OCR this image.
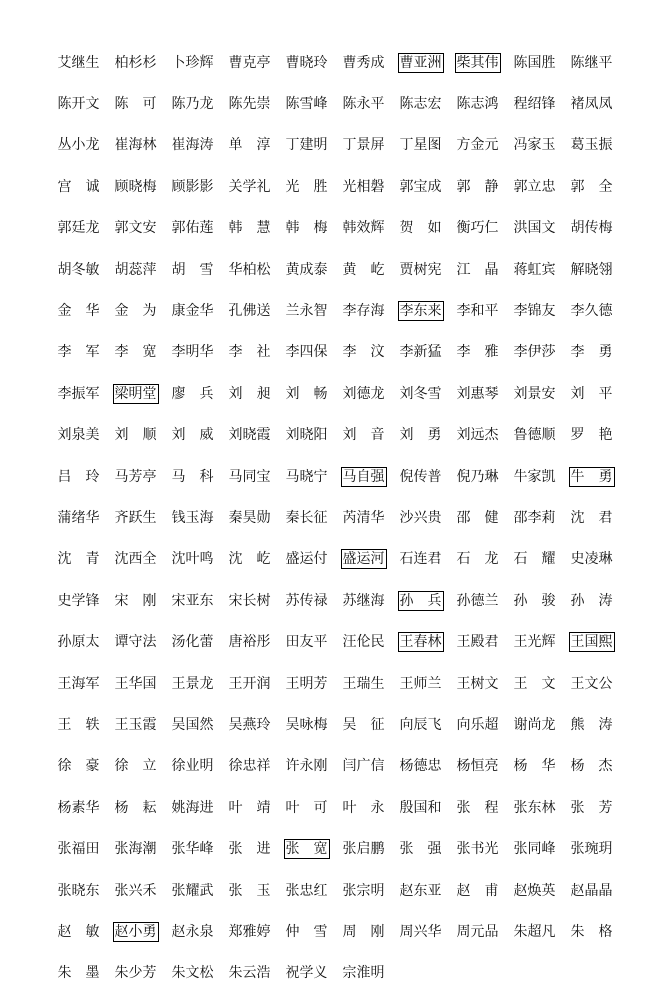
艾继生	柏杉杉	卜珍辉	曹克亭	曹晓玲	曹秀成	曹亚洲	柴其伟	陈国胜	陈继平
陈开文	陈　可	陈乃龙	陈先崇	陈雪峰	陈永平	陈志宏	陈志鸿	程绍锋	褚凤凤
丛小龙	崔海林	崔海涛	单　淳	丁建明	丁景屏	丁星图	方金元	冯家玉	葛玉振
宫　诚	顾晓梅	顾影影	关学礼	光　胜	光相磐	郭宝成	郭　静	郭立忠	郭　全
郭廷龙	郭文安	郭佑莲	韩　慧	韩　梅	韩效辉	贺　如	衡巧仁	洪国文	胡传梅
胡冬敏	胡蕊萍	胡　雪	华柏松	黄成泰	黄　屹	贾树宪	江　晶	蒋虹宾	解晓翎
金　华	金　为	康金华	孔佛送	兰永智	李存海	李东来	李和平	李锦友	李久德
李　军	李　宽	李明华	李　社	李四保	李　汶	李新猛	李　雅	李伊莎	李　勇
李振军	梁明堂	廖　兵	刘　昶	刘　畅	刘德龙	刘冬雪	刘惠琴	刘景安	刘　平
刘泉美	刘　顺	刘　威	刘晓霞	刘晓阳	刘　音	刘　勇	刘远杰	鲁德顺	罗　艳
吕　玲	马芳亭	马　科	马同宝	马晓宁	马自强	倪传普	倪乃琳	牛家凯	牛　勇
蒲绪华	齐跃生	钱玉海	秦昊勋	秦长征	芮清华	沙兴贵	邵　健	邵李莉	沈　君
沈　青	沈西全	沈叶鸣	沈　屹	盛运付	盛运河	石连君	石　龙	石　耀	史凌琳
史学锋	宋　刚	宋亚东	宋长树	苏传禄	苏继海	孙　兵	孙德兰	孙　骏	孙　涛
孙原太	谭守法	汤化蕾	唐裕彤	田友平	汪伦民	王春林	王殿君	王光辉	王国熙
王海军	王华国	王景龙	王开润	王明芳	王瑞生	王师兰	王树文	王　文	王文公
王　轶	王玉霞	吴国然	吴燕玲	吴咏梅	吴　征	向辰飞	向乐超	谢尚龙	熊　涛
徐　豪	徐　立	徐业明	徐忠祥	许永刚	闫广信	杨德忠	杨恒亮	杨　华	杨　杰
杨素华	杨　耘	姚海进	叶　靖	叶　可	叶　永	殷国和	张　程	张东林	张　芳
张福田	张海潮	张华峰	张　进	张　宽	张启鹏	张　强	张书光	张同峰	张琬玥
张晓东	张兴禾	张耀武	张　玉	张忠红	张宗明	赵东亚	赵　甫	赵焕英	赵晶晶
赵　敏	赵小勇	赵永泉	郑雅婷	仲　雪	周　刚	周兴华	周元品	朱超凡	朱　格
朱　墨	朱少芳	朱文松	朱云浩	祝学义	宗淮明
